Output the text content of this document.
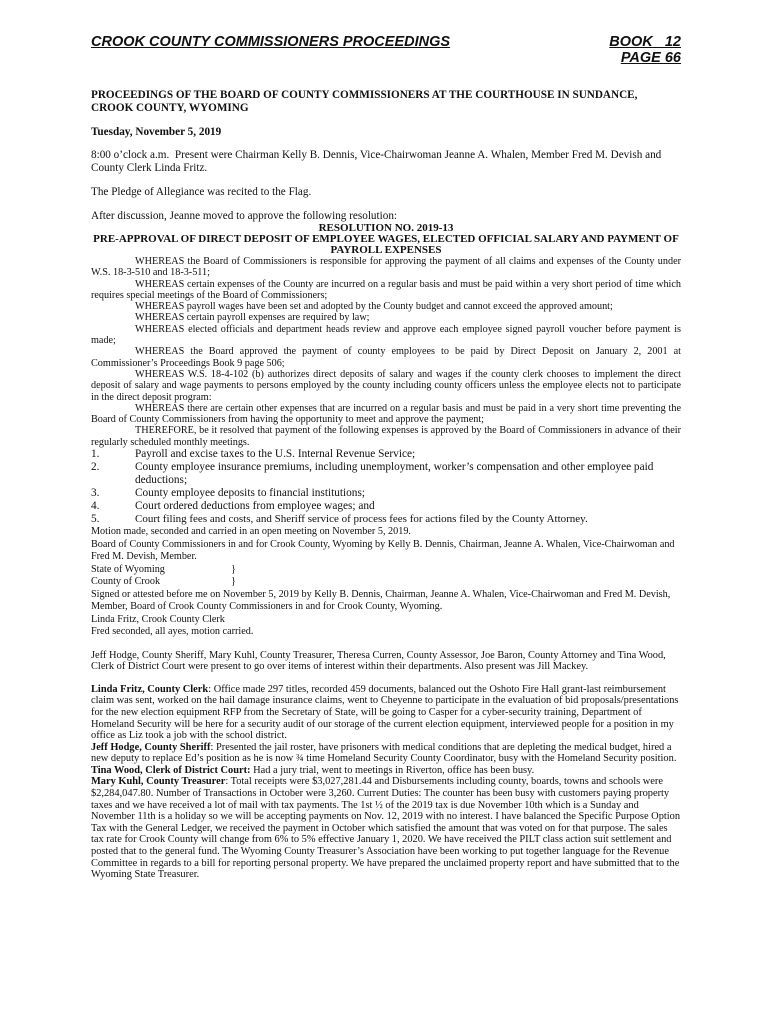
CROOK COUNTY COMMISSIONERS PROCEEDINGS	BOOK   12
PAGE 66

PROCEEDINGS OF THE BOARD OF COUNTY COMMISSIONERS AT THE COURTHOUSE IN SUNDANCE, CROOK COUNTY, WYOMING

Tuesday, November 5, 2019

8:00 o’clock a.m.  Present were Chairman Kelly B. Dennis, Vice-Chairwoman Jeanne A. Whalen, Member Fred M. Devish and County Clerk Linda Fritz.

The Pledge of Allegiance was recited to the Flag.

After discussion, Jeanne moved to approve the following resolution:

RESOLUTION NO. 2019-13

PRE-APPROVAL OF DIRECT DEPOSIT OF EMPLOYEE WAGES, ELECTED OFFICIAL SALARY AND PAYMENT OF PAYROLL EXPENSES

WHEREAS the Board of Commissioners is responsible for approving the payment of all claims and expenses of the County under W.S. 18-3-510 and 18-3-511;

WHEREAS certain expenses of the County are incurred on a regular basis and must be paid within a very short period of time which requires special meetings of the Board of Commissioners;

WHEREAS payroll wages have been set and adopted by the County budget and cannot exceed the approved amount;

WHEREAS certain payroll expenses are required by law;

WHEREAS elected officials and department heads review and approve each employee signed payroll voucher before payment is made;

WHEREAS the Board approved the payment of county employees to be paid by Direct Deposit on January 2, 2001 at Commissioner’s Proceedings Book 9 page 506;

WHEREAS W.S. 18-4-102 (b) authorizes direct deposits of salary and wages if the county clerk chooses to implement the direct deposit of salary and wage payments to persons employed by the county including county officers unless the employee elects not to participate in the direct deposit program:

WHEREAS there are certain other expenses that are incurred on a regular basis and must be paid in a very short time preventing the Board of County Commissioners from having the opportunity to meet and approve the payment;

THEREFORE, be it resolved that payment of the following expenses is approved by the Board of Commissioners in advance of their regularly scheduled monthly meetings.

1.	Payroll and excise taxes to the U.S. Internal Revenue Service;
2.	County employee insurance premiums, including unemployment, worker’s compensation and other employee paid deductions;
3.	County employee deposits to financial institutions;
4.	Court ordered deductions from employee wages; and
5.	Court filing fees and costs, and Sheriff service of process fees for actions filed by the County Attorney.

Motion made, seconded and carried in an open meeting on November 5, 2019.

Board of County Commissioners in and for Crook County, Wyoming by Kelly B. Dennis, Chairman, Jeanne A. Whalen, Vice-Chairwoman and Fred M. Devish, Member.

State of Wyoming	}
County of Crook	}

Signed or attested before me on November 5, 2019 by Kelly B. Dennis, Chairman, Jeanne A. Whalen, Vice-Chairwoman and Fred M. Devish, Member, Board of Crook County Commissioners in and for Crook County, Wyoming.

Linda Fritz, Crook County Clerk

Fred seconded, all ayes, motion carried.

Jeff Hodge, County Sheriff, Mary Kuhl, County Treasurer, Theresa Curren, County Assessor, Joe Baron, County Attorney and Tina Wood, Clerk of District Court were present to go over items of interest within their departments. Also present was Jill Mackey.

Linda Fritz, County Clerk: Office made 297 titles, recorded 459 documents, balanced out the Oshoto Fire Hall grant-last reimbursement claim was sent, worked on the hail damage insurance claims, went to Cheyenne to participate in the evaluation of bid proposals/presentations for the new election equipment RFP from the Secretary of State, will be going to Casper for a cyber-security training, Department of Homeland Security will be here for a security audit of our storage of the current election equipment, interviewed people for a position in my office as Liz took a job with the school district.

Jeff Hodge, County Sheriff: Presented the jail roster, have prisoners with medical conditions that are depleting the medical budget, hired a new deputy to replace Ed’s position as he is now ¾ time Homeland Security County Coordinator, busy with the Homeland Security position.

Tina Wood, Clerk of District Court: Had a jury trial, went to meetings in Riverton, office has been busy.

Mary Kuhl, County Treasurer: Total receipts were $3,027,281.44 and Disbursements including county, boards, towns and schools were $2,284,047.80. Number of Transactions in October were 3,260. Current Duties: The counter has been busy with customers paying property taxes and we have received a lot of mail with tax payments. The 1st ½ of the 2019 tax is due November 10th which is a Sunday and November 11th is a holiday so we will be accepting payments on Nov. 12, 2019 with no interest. I have balanced the Specific Purpose Option Tax with the General Ledger, we received the payment in October which satisfied the amount that was voted on for that purpose. The sales tax rate for Crook County will change from 6% to 5% effective January 1, 2020. We have received the PILT class action suit settlement and posted that to the general fund. The Wyoming County Treasurer’s Association have been working to put together language for the Revenue Committee in regards to a bill for reporting personal property. We have prepared the unclaimed property report and have submitted that to the Wyoming State Treasurer.
